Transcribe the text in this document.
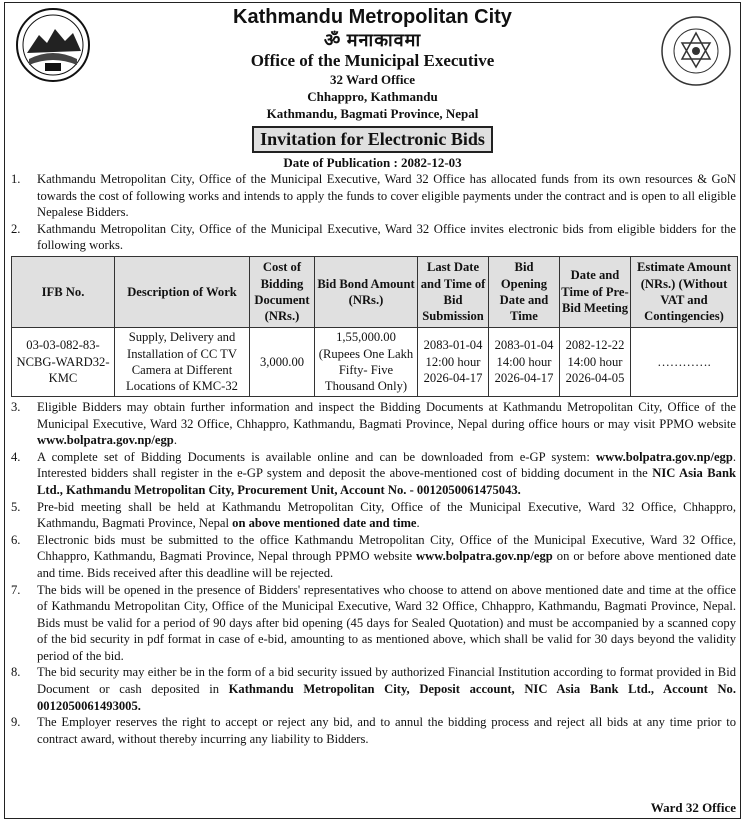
Kathmandu Metropolitan City
ॐ मनाकावमा
Office of the Municipal Executive
32 Ward Office
Chhappro, Kathmandu
Kathmandu, Bagmati Province, Nepal
Invitation for Electronic Bids
Date of Publication : 2082-12-03
1. Kathmandu Metropolitan City, Office of the Municipal Executive, Ward 32 Office has allocated funds from its own resources & GoN towards the cost of following works and intends to apply the funds to cover eligible payments under the contract and is open to all eligible Nepalese Bidders.
2. Kathmandu Metropolitan City, Office of the Municipal Executive, Ward 32 Office invites electronic bids from eligible bidders for the following works.
IFB No.	Description of Work	Cost of Bidding Document (NRs.)	Bid Bond Amount (NRs.)	Last Date and Time of Bid Submission	Bid Opening Date and Time	Date and Time of Pre-Bid Meeting	Estimate Amount (NRs.) (Without VAT and Contingencies)
03-03-082-83-NCBG-WARD32-KMC	Supply, Delivery and Installation of CC TV Camera at Different Locations of KMC-32	3,000.00	1,55,000.00 (Rupees One Lakh Fifty- Five Thousand Only)	2083-01-04 12:00 hour 2026-04-17	2083-01-04 14:00 hour 2026-04-17	2082-12-22 14:00 hour 2026-04-05	………….
3. Eligible Bidders may obtain further information and inspect the Bidding Documents at Kathmandu Metropolitan City, Office of the Municipal Executive, Ward 32 Office, Chhappro, Kathmandu, Bagmati Province, Nepal during office hours or may visit PPMO website www.bolpatra.gov.np/egp.
4. A complete set of Bidding Documents is available online and can be downloaded from e-GP system: www.bolpatra.gov.np/egp. Interested bidders shall register in the e-GP system and deposit the above-mentioned cost of bidding document in the NIC Asia Bank Ltd., Kathmandu Metropolitan City, Procurement Unit, Account No. - 0012050061475043.
5. Pre-bid meeting shall be held at Kathmandu Metropolitan City, Office of the Municipal Executive, Ward 32 Office, Chhappro, Kathmandu, Bagmati Province, Nepal on above mentioned date and time.
6. Electronic bids must be submitted to the office Kathmandu Metropolitan City, Office of the Municipal Executive, Ward 32 Office, Chhappro, Kathmandu, Bagmati Province, Nepal through PPMO website www.bolpatra.gov.np/egp on or before above mentioned date and time. Bids received after this deadline will be rejected.
7. The bids will be opened in the presence of Bidders' representatives who choose to attend on above mentioned date and time at the office of Kathmandu Metropolitan City, Office of the Municipal Executive, Ward 32 Office, Chhappro, Kathmandu, Bagmati Province, Nepal. Bids must be valid for a period of 90 days after bid opening (45 days for Sealed Quotation) and must be accompanied by a scanned copy of the bid security in pdf format in case of e-bid, amounting to as mentioned above, which shall be valid for 30 days beyond the validity period of the bid.
8. The bid security may either be in the form of a bid security issued by authorized Financial Institution according to format provided in Bid Document or cash deposited in Kathmandu Metropolitan City, Deposit account, NIC Asia Bank Ltd., Account No. 0012050061493005.
9. The Employer reserves the right to accept or reject any bid, and to annul the bidding process and reject all bids at any time prior to contract award, without thereby incurring any liability to Bidders.
Ward 32 Office
